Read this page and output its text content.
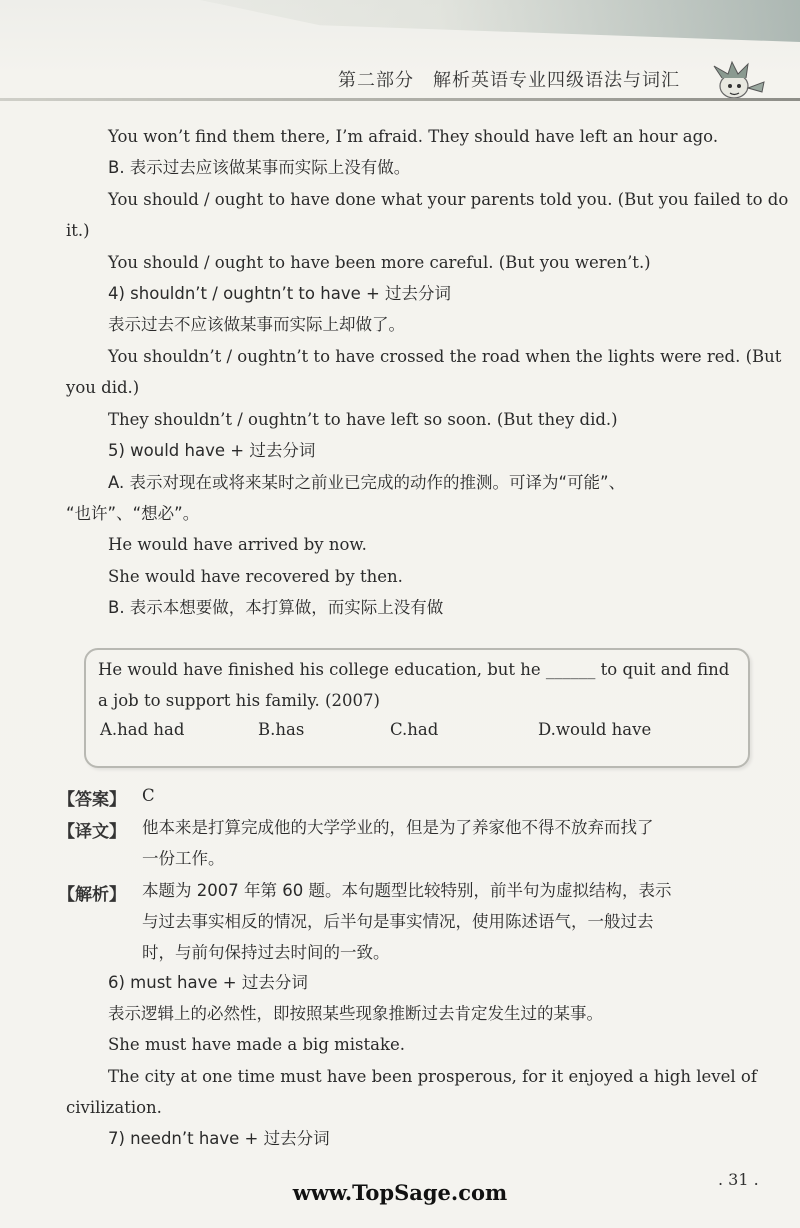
第二部分　解析英语专业四级语法与词汇
You won’t find them there, I’m afraid. They should have left an hour ago.
B. 表示过去应该做某事而实际上没有做。
You should / ought to have done what your parents told you. (But you failed to do
it.)
You should / ought to have been more careful. (But you weren’t.)
4) shouldn’t / oughtn’t to have + 过去分词
表示过去不应该做某事而实际上却做了。
You shouldn’t / oughtn’t to have crossed the road when the lights were red. (But
you did.)
They shouldn’t / oughtn’t to have left so soon. (But they did.)
5) would have + 过去分词
A. 表示对现在或将来某时之前业已完成的动作的推测。可译为“可能”、
“也许”、“想必”。
He would have arrived by now.
She would have recovered by then.
B. 表示本想要做，本打算做，而实际上没有做
He would have finished his college education, but he ______ to quit and find
a job to support his family. (2007)
A.had had	B.has	C.had	D.would have
【答案】 C
【译文】 他本来是打算完成他的大学学业的，但是为了养家他不得不放弃而找了
一份工作。
【解析】 本题为 2007 年第 60 题。本句题型比较特别，前半句为虚拟结构，表示
与过去事实相反的情况，后半句是事实情况，使用陈述语气，一般过去
时，与前句保持过去时间的一致。
6) must have + 过去分词
表示逻辑上的必然性，即按照某些现象推断过去肯定发生过的某事。
She must have made a big mistake.
The city at one time must have been prosperous, for it enjoyed a high level of
civilization.
7) needn’t have + 过去分词
. 31 .
www.TopSage.com
